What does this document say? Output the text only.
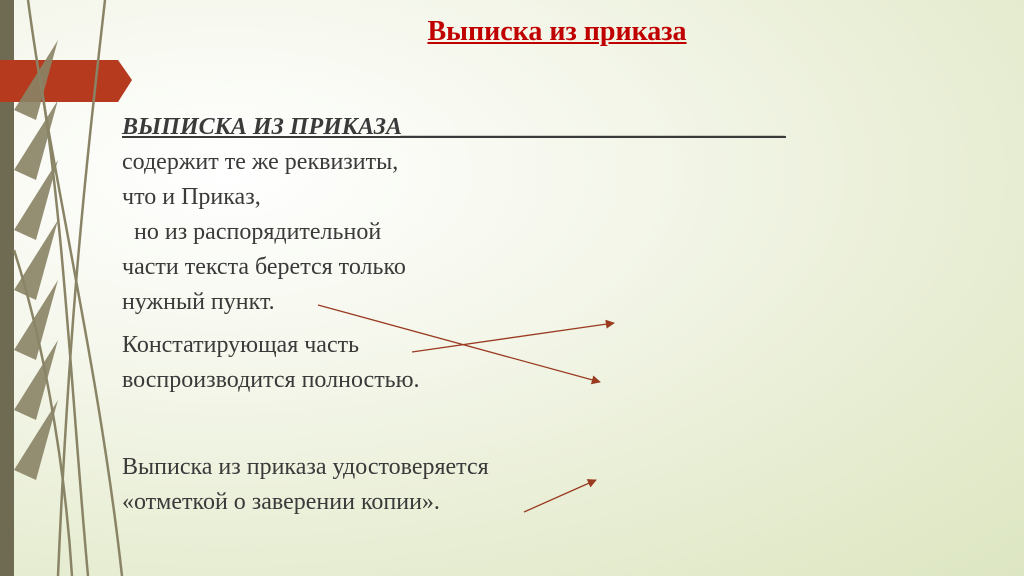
Выписка из приказа
ВЫПИСКА ИЗ ПРИКАЗА________________________________
содержит те же реквизиты,
что и Приказ,
но из распорядительной
части текста берется только
нужный пункт.
Констатирующая часть
воспроизводится полностью.
Выписка из приказа удостоверяется
«отметкой о заверении копии».
